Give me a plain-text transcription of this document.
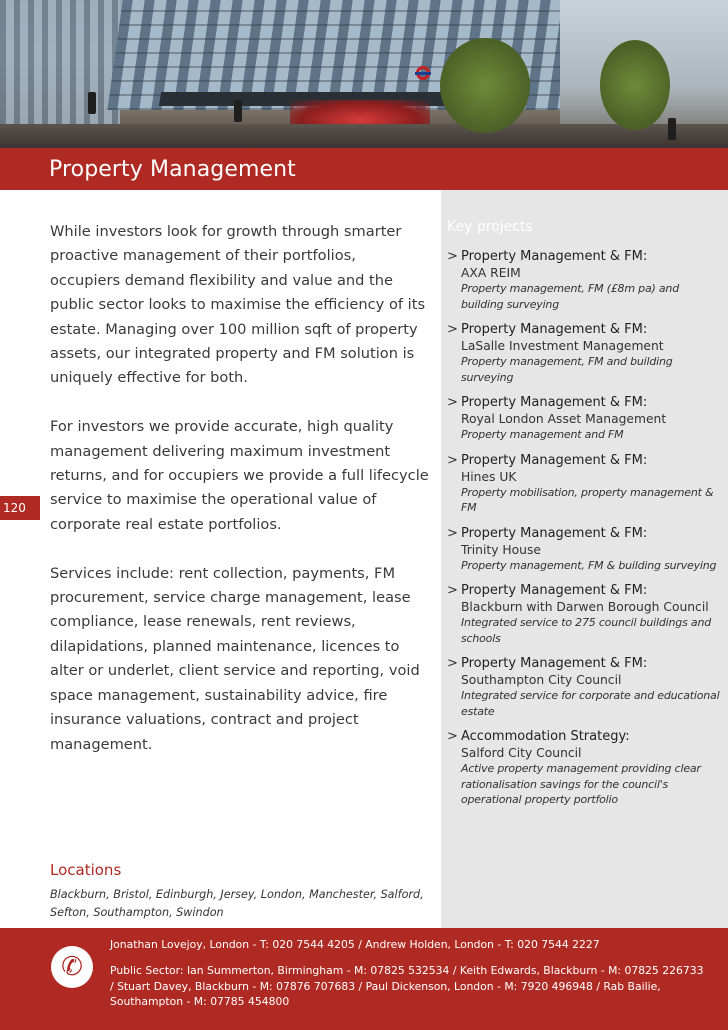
Property Management

While investors look for growth through smarter proactive management of their portfolios, occupiers demand flexibility and value and the public sector looks to maximise the efficiency of its estate. Managing over 100 million sqft of property assets, our integrated property and FM solution is uniquely effective for both.

For investors we provide accurate, high quality management delivering maximum investment returns, and for occupiers we provide a full lifecycle service to maximise the operational value of corporate real estate portfolios.

Services include: rent collection, payments, FM procurement, service charge management, lease compliance, lease renewals, rent reviews, dilapidations, planned maintenance, licences to alter or underlet, client service and reporting, void space management, sustainability advice, fire insurance valuations, contract and project management.

120
Key projects
> Property Management & FM:
AXA REIM
Property management, FM (£8m pa) and building surveying
> Property Management & FM:
LaSalle Investment Management
Property management, FM and building surveying
> Property Management & FM:
Royal London Asset Management
Property management and FM
> Property Management & FM:
Hines UK
Property mobilisation, property management & FM
> Property Management & FM:
Trinity House
Property management, FM & building surveying
> Property Management & FM:
Blackburn with Darwen Borough Council
Integrated service to 275 council buildings and schools
> Property Management & FM:
Southampton City Council
Integrated service for corporate and educational estate
> Accommodation Strategy:
Salford City Council
Active property management providing clear rationalisation savings for the council's operational property portfolio
Locations

Blackburn, Bristol, Edinburgh, Jersey, London, Manchester, Salford, Sefton, Southampton, Swindon

✆
Jonathan Lovejoy, London - T: 020 7544 4205 / Andrew Holden, London - T: 020 7544 2227
Public Sector: Ian Summerton, Birmingham - M: 07825 532534 / Keith Edwards, Blackburn - M: 07825 226733 / Stuart Davey, Blackburn - M: 07876 707683 / Paul Dickenson, London - M: 7920 496948 / Rab Bailie, Southampton - M: 07785 454800
